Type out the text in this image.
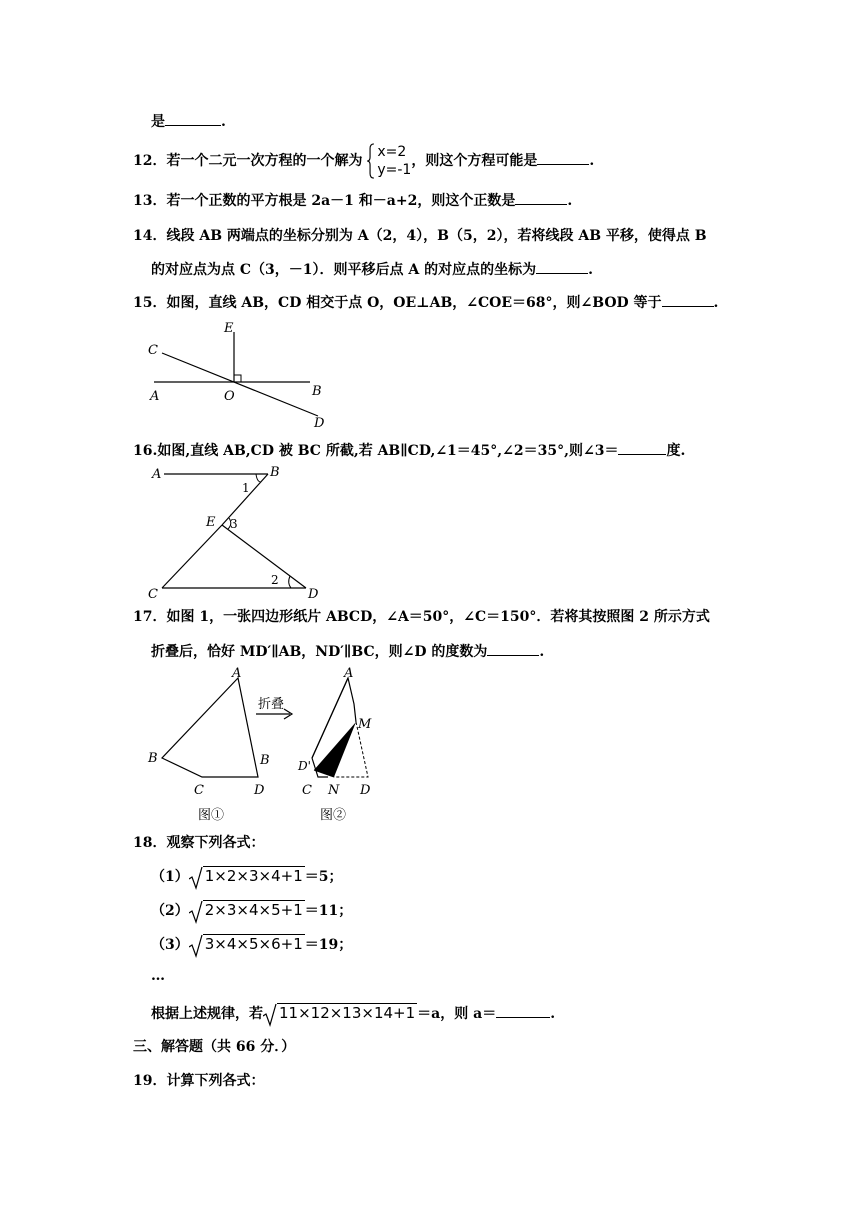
是	.
12．若一个二元一次方程的一个解为
x=2
y=-1
，则这个方程可能是	.
13．若一个正数的平方根是 2a－1 和－a+2，则这个正数是	.
14．线段 AB 两端点的坐标分别为 A（2，4），B（5，2），若将线段 AB 平移，使得点 B
的对应点为点 C（3，－1）．则平移后点 A 的对应点的坐标为	.
15．如图，直线 AB，CD 相交于点 O，OE⊥AB，∠COE＝68°，则∠BOD 等于	.
E
C
A	O	B
D
16.如图,直线 AB,CD 被 BC 所截,若 AB∥CD,∠1＝45°,∠2＝35°,则∠3＝	度.
A	B
1
E 3
C
2
D
17．如图 1，一张四边形纸片 ABCD，∠A＝50°，∠C＝150°．若将其按照图 2 所示方式
折叠后，恰好 MD′∥AB，ND′∥BC，则∠D 的度数为	.
A
B
C	D
图①
折叠
A
M
B D'
C N D
图②
18．观察下列各式：
（1） 1×2×3×4+1 ＝5；
（2） 2×3×4×5+1 ＝11；
（3） 3×4×5×6+1 ＝19；
…
根据上述规律，若 11×12×13×14+1 ＝a，则 a＝	.
三、解答题（共 66 分．）
19．计算下列各式：
